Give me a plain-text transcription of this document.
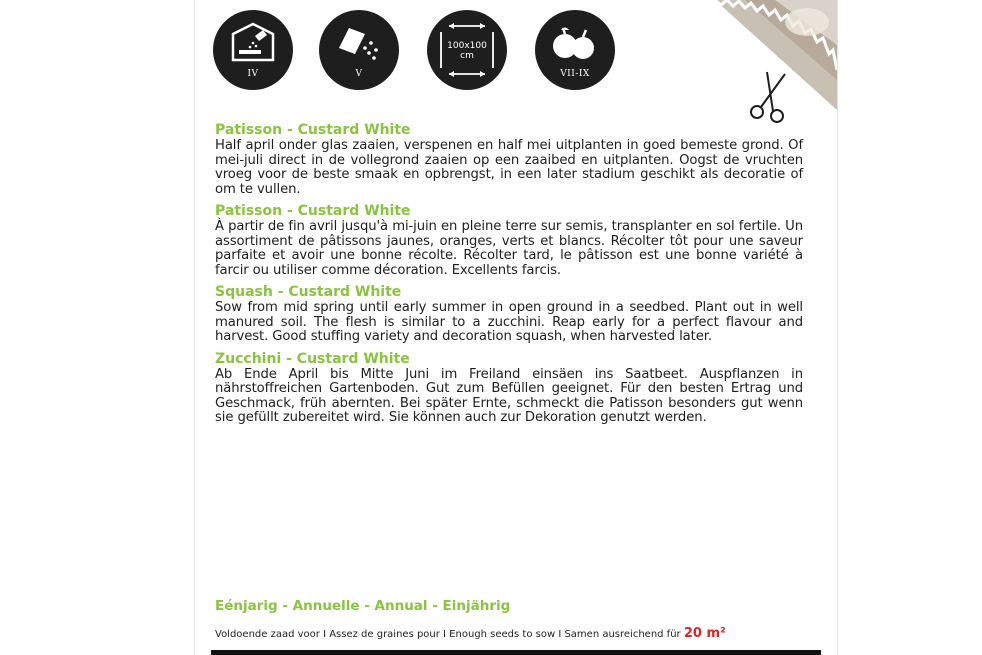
IV	V
100x100
cm
VII-IX

Patisson - Custard White

Half april onder glas zaaien, verspenen en half mei uitplanten in goed bemeste grond. Of mei-juli direct in de vollegrond zaaien op een zaaibed en uitplanten. Oogst de vruchten vroeg voor de beste smaak en opbrengst, in een later stadium geschikt als decoratie of om te vullen.

Patisson - Custard White

À partir de fin avril jusqu'à mi-juin en pleine terre sur semis, transplanter en sol fertile. Un assortiment de pâtissons jaunes, oranges, verts et blancs. Récolter tôt pour une saveur parfaite et avoir une bonne récolte. Récolter tard, le pâtisson est une bonne variété à farcir ou utiliser comme décoration. Excellents farcis.

Squash - Custard White

Sow from mid spring until early summer in open ground in a seedbed. Plant out in well manured soil. The flesh is similar to a zucchini. Reap early for a perfect flavour and harvest. Good stuffing variety and decoration squash, when harvested later.

Zucchini - Custard White

Ab Ende April bis Mitte Juni im Freiland einsäen ins Saatbeet. Auspflanzen in nährstoffreichen Gartenboden. Gut zum Befüllen geeignet. Für den besten Ertrag und Geschmack, früh abernten. Bei später Ernte, schmeckt die Patisson besonders gut wenn sie gefüllt zubereitet wird. Sie können auch zur Dekoration genutzt werden.

Eénjarig - Annuelle - Annual - Einjährig
Voldoende zaad voor I Assez de graines pour I Enough seeds to sow I Samen ausreichend für 20 m²
